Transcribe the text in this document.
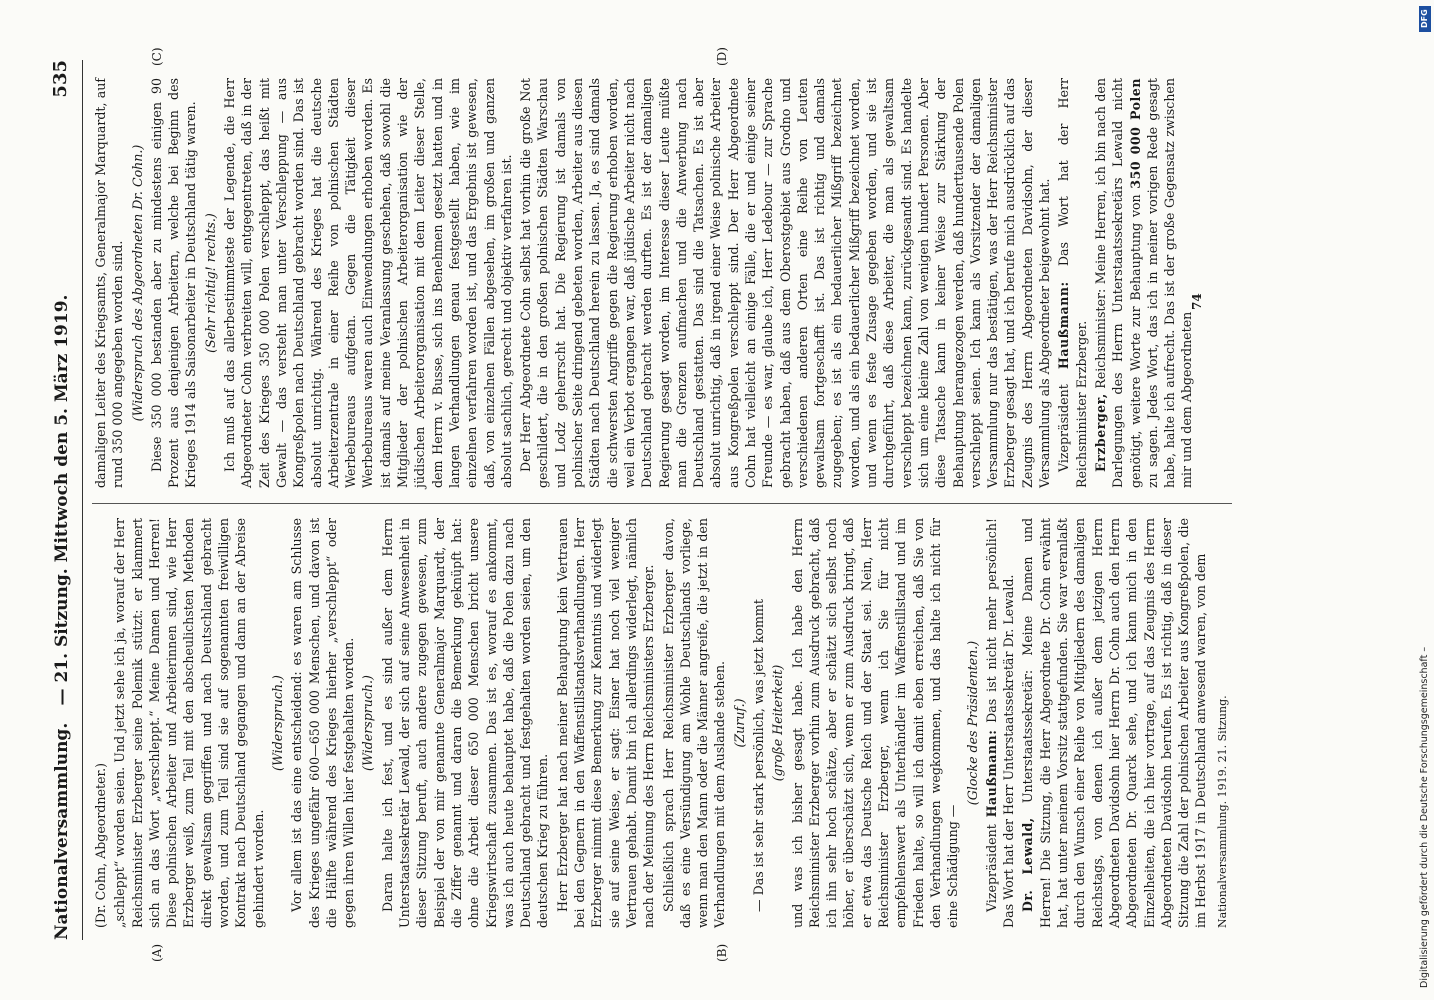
Nationalversammlung.
— 21. Sitzung. Mittwoch den 5. März 1919.
535
(A)	(B)
(C)	(D)

(Dr. Cohn, Abgeordneter.) „schleppt“ worden seien. Und jetzt sehe ich ja, worauf der Herr Reichsminister Erzberger seine Polemik stützt: er klammert sich an das Wort „verschleppt.“ Meine Damen und Herren! Diese polnischen Arbeiter und Arbeiterinnen sind, wie Herr Erzberger weiß, zum Teil mit den abscheulichsten Methoden direkt gewaltsam gegriffen und nach Deutschland gebracht worden, und zum Teil sind sie auf sogenannten freiwilligen Kontrakt nach Deutschland gegangen und dann an der Abreise gehindert worden.

(Widerspruch.) Vor allem ist das eine entscheidend: es waren am Schlusse des Krieges ungefähr 600—650 000 Menschen, und davon ist die Hälfte während des Krieges hierher „verschleppt“ oder gegen ihren Willen hier festgehalten worden. (Widerspruch.) Daran halte ich fest, und es sind außer dem Herrn Unterstaatssekretär Lewald, der sich auf seine Anwesenheit in dieser Sitzung beruft, auch andere zugegen gewesen, zum Beispiel der von mir genannte Generalmajor Marquardt, der die Ziffer genannt und daran die Bemerkung geknüpft hat: ohne die Arbeit dieser 650 000 Menschen bricht unsere Kriegswirtschaft zusammen. Das ist es, worauf es ankommt, was ich auch heute behauptet habe, daß die Polen dazu nach Deutschland gebracht und festgehalten worden seien, um den deutschen Krieg zu führen. Herr Erzberger hat nach meiner Behauptung kein Vertrauen bei den Gegnern in den Waffenstillstandsverhandlungen. Herr Erzberger nimmt diese Bemerkung zur Kenntnis und widerlegt sie auf seine Weise, er sagt: Eisner hat noch viel weniger Vertrauen gehabt. Damit bin ich allerdings widerlegt, nämlich nach der Meinung des Herrn Reichsministers Erzberger. Schließlich sprach Herr Reichsminister Erzberger davon, daß es eine Versündigung am Wohle Deutschlands vorliege, wenn man den Mann oder die Männer angreife, die jetzt in den Verhandlungen mit dem Auslande stehen. (Zuruf.) — Das ist sehr stark persönlich, was jetzt kommt (große Heiterkeit) und was ich bisher gesagt habe. Ich habe den Herrn Reichsminister Erzberger vorhin zum Ausdruck gebracht, daß ich ihn sehr hoch schätze, aber er schätzt sich selbst noch höher, er überschätzt sich, wenn er zum Ausdruck bringt, daß er etwa das Deutsche Reich und der Staat sei. Nein, Herr Reichsminister Erzberger, wenn ich Sie für nicht empfehlenswert als Unterhändler im Waffenstillstand und im Frieden halte, so will ich damit eben erreichen, daß Sie von den Verhandlungen wegkommen, und das halte ich nicht für eine Schädigung —

(Glocke des Präsidenten.)

Vizepräsident Haußmann: Das ist nicht mehr persönlich! Das Wort hat der Herr Unterstaatssekretär Dr. Lewald. Dr. Lewald, Unterstaatssekretär: Meine Damen und Herren! Die Sitzung, die Herr Abgeordnete Dr. Cohn erwähnt hat, hat unter meinem Vorsitz stattgefunden. Sie war veranlaßt durch den Wunsch einer Reihe von Mitgliedern des damaligen Reichstags, von denen ich außer dem jetzigen Herrn Abgeordneten Davidsohn hier Herrn Dr. Cohn auch den Herrn Abgeordneten Dr. Quarck sehe, und ich kann mich in den Einzelheiten, die ich hier vortrage, auf das Zeugnis des Herrn Abgeordneten Davidsohn berufen. Es ist richtig, daß in dieser Sitzung die Zahl der polnischen Arbeiter aus Kongreßpolen, die im Herbst 1917 in Deutschland anwesend waren, von dem Nationalversammlung. 1919. 21. Sitzung.

damaligen Leiter des Kriegsamts, Generalmajor Marquardt, auf rund 350 000 angegeben worden sind. (Widerspruch des Abgeordneten Dr. Cohn.) Diese 350 000 bestanden aber zu mindestens einigen 90 Prozent aus denjenigen Arbeitern, welche bei Beginn des Krieges 1914 als Saisonarbeiter in Deutschland tätig waren. (Sehr richtig! rechts.) Ich muß auf das allerbestimmteste der Legende, die Herr Abgeordneter Cohn verbreiten will, entgegentreten, daß in der Zeit des Krieges 350 000 Polen verschleppt, das heißt mit Gewalt — das versteht man unter Verschleppung — aus Kongreßpolen nach Deutschland gebracht worden sind. Das ist absolut unrichtig. Während des Krieges hat die deutsche Arbeiterzentrale in einer Reihe von polnischen Städten Werbebureaus aufgetan. Gegen die Tätigkeit dieser Werbebureaus waren auch Einwendungen erhoben worden. Es ist damals auf meine Veranlassung geschehen, daß sowohl die Mitglieder der polnischen Arbeiterorganisation wie der jüdischen Arbeiterorganisation mit dem Leiter dieser Stelle, dem Herrn v. Busse, sich ins Benehmen gesetzt hatten und in langen Verhandlungen genau festgestellt haben, wie im einzelnen verfahren worden ist, und das Ergebnis ist gewesen, daß, von einzelnen Fällen abgesehen, im großen und ganzen absolut sachlich, gerecht und objektiv verfahren ist. Der Herr Abgeordnete Cohn selbst hat vorhin die große Not geschildert, die in den großen polnischen Städten Warschau und Lodz geherrscht hat. Die Regierung ist damals von polnischer Seite dringend gebeten worden, Arbeiter aus diesen Städten nach Deutschland herein zu lassen. Ja, es sind damals die schwersten Angriffe gegen die Regierung erhoben worden, weil ein Verbot ergangen war, daß jüdische Arbeiter nicht nach Deutschland gebracht werden durften. Es ist der damaligen Regierung gesagt worden, im Interesse dieser Leute müßte man die Grenzen aufmachen und die Anwerbung nach Deutschland gestatten. Das sind die Tatsachen. Es ist aber absolut unrichtig, daß in irgend einer Weise polnische Arbeiter aus Kongreßpolen verschleppt sind. Der Herr Abgeordnete Cohn hat vielleicht an einige Fälle, die er und einige seiner Freunde — es war, glaube ich, Herr Ledebour — zur Sprache gebracht haben, daß aus dem Oberostgebiet aus Grodno und verschiedenen anderen Orten eine Reihe von Leuten gewaltsam fortgeschafft ist. Das ist richtig und damals zugegeben; es ist als ein bedauerlicher Mißgriff bezeichnet worden, und als ein bedauerlicher Mißgriff bezeichnet worden, und wenn es feste Zusage gegeben worden, und sie ist durchgeführt, daß diese Arbeiter, die man als gewaltsam verschleppt bezeichnen kann, zurückgesandt sind. Es handelte sich um eine kleine Zahl von wenigen hundert Personen. Aber diese Tatsache kann in keiner Weise zur Stärkung der Behauptung herangezogen werden, daß hunderttausende Polen verschleppt seien. Ich kann als Vorsitzender der damaligen Versammlung nur das bestätigen, was der Herr Reichsminister Erzberger gesagt hat, und ich berufe mich ausdrücklich auf das Zeugnis des Herrn Abgeordneten Davidsohn, der dieser Versammlung als Abgeordneter beigewohnt hat. Vizepräsident Haußmann: Das Wort hat der Herr Reichsminister Erzberger. Erzberger, Reichsminister: Meine Herren, ich bin nach den Darlegungen des Herrn Unterstaatssekretärs Lewald nicht genötigt, weitere Worte zur Behauptung von 350 000 Polen zu sagen. Jedes Wort, das ich in meiner vorigen Rede gesagt habe, halte ich aufrecht. Das ist der große Gegensatz zwischen mir und dem Abgeordneten

74
DFG
Digitalisierung gefördert durch die Deutsche Forschungsgemeinschaft –
